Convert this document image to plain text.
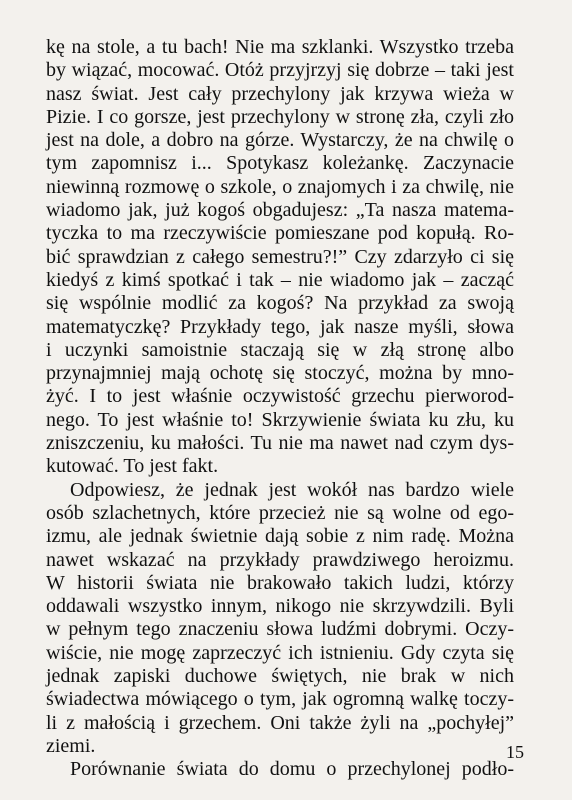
kę na stole, a tu bach! Nie ma szklanki. Wszystko trzeba
by wiązać, mocować. Otóż przyjrzyj się dobrze – taki jest
nasz świat. Jest cały przechylony jak krzywa wieża w
Pizie. I co gorsze, jest przechylony w stronę zła, czyli zło
jest na dole, a dobro na górze. Wystarczy, że na chwilę o
tym zapomnisz i... Spotykasz koleżankę. Zaczynacie
niewinną rozmowę o szkole, o znajomych i za chwilę, nie
wiadomo jak, już kogoś obgadujesz: „Ta nasza matema-
tyczka to ma rzeczywiście pomieszane pod kopułą. Ro-
bić sprawdzian z całego semestru?!” Czy zdarzyło ci się
kiedyś z kimś spotkać i tak – nie wiadomo jak – zacząć
się wspólnie modlić za kogoś? Na przykład za swoją
matematyczkę? Przykłady tego, jak nasze myśli, słowa
i uczynki samoistnie staczają się w złą stronę albo
przynajmniej mają ochotę się stoczyć, można by mno-
żyć. I to jest właśnie oczywistość grzechu pierworod-
nego. To jest właśnie to! Skrzywienie świata ku złu, ku
zniszczeniu, ku małości. Tu nie ma nawet nad czym dys-
kutować. To jest fakt.
Odpowiesz, że jednak jest wokół nas bardzo wiele
osób szlachetnych, które przecież nie są wolne od ego-
izmu, ale jednak świetnie dają sobie z nim radę. Można
nawet wskazać na przykłady prawdziwego heroizmu.
W historii świata nie brakowało takich ludzi, którzy
oddawali wszystko innym, nikogo nie skrzywdzili. Byli
w pełnym tego znaczeniu słowa ludźmi dobrymi. Oczy-
wiście, nie mogę zaprzeczyć ich istnieniu. Gdy czyta się
jednak zapiski duchowe świętych, nie brak w nich
świadectwa mówiącego o tym, jak ogromną walkę toczy-
li z małością i grzechem. Oni także żyli na „pochyłej”
ziemi.
Porównanie świata do domu o przechylonej podło-
15
